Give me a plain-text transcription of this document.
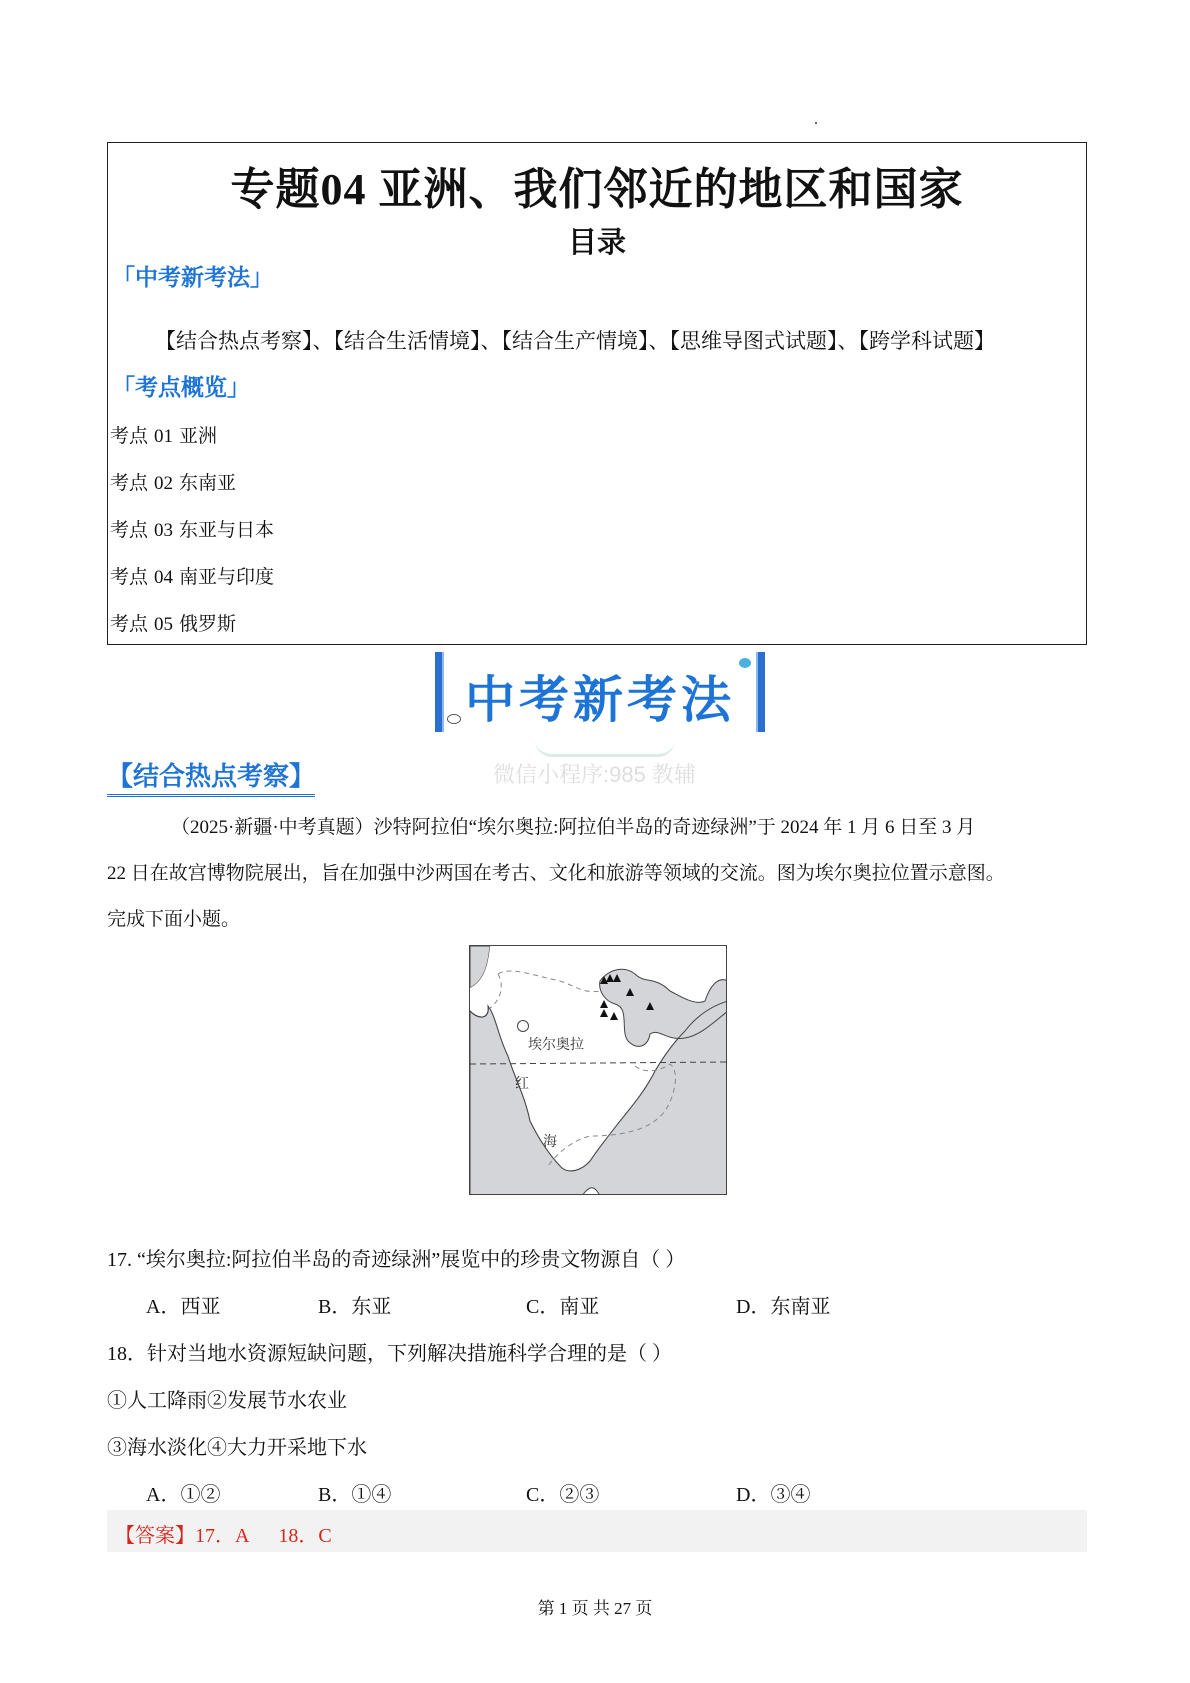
专题04 亚洲、我们邻近的地区和国家
目录
「中考新考法」
【结合热点考察】、【结合生活情境】、【结合生产情境】、【思维导图式试题】、【跨学科试题】
「考点概览」
考点 01 亚洲
考点 02 东南亚
考点 03 东亚与日本
考点 04 南亚与印度
考点 05 俄罗斯
中考新考法
【结合热点考察】	微信小程序:985 教辅
（2025·新疆·中考真题）沙特阿拉伯“埃尔奥拉:阿拉伯半岛的奇迹绿洲”于 2024 年 1 月 6 日至 3 月
22 日在故宫博物院展出，旨在加强中沙两国在考古、文化和旅游等领域的交流。图为埃尔奥拉位置示意图。
完成下面小题。
埃尔奥拉
红
海
17. “埃尔奥拉:阿拉伯半岛的奇迹绿洲”展览中的珍贵文物源自（ ）
A．西亚	B．东亚	C．南亚	D．东南亚
18．针对当地水资源短缺问题，下列解决措施科学合理的是（ ）
①人工降雨②发展节水农业
③海水淡化④大力开采地下水
A．①②	B．①④	C．②③	D．③④
【答案】17．A      18．C
第 1 页 共 27 页
